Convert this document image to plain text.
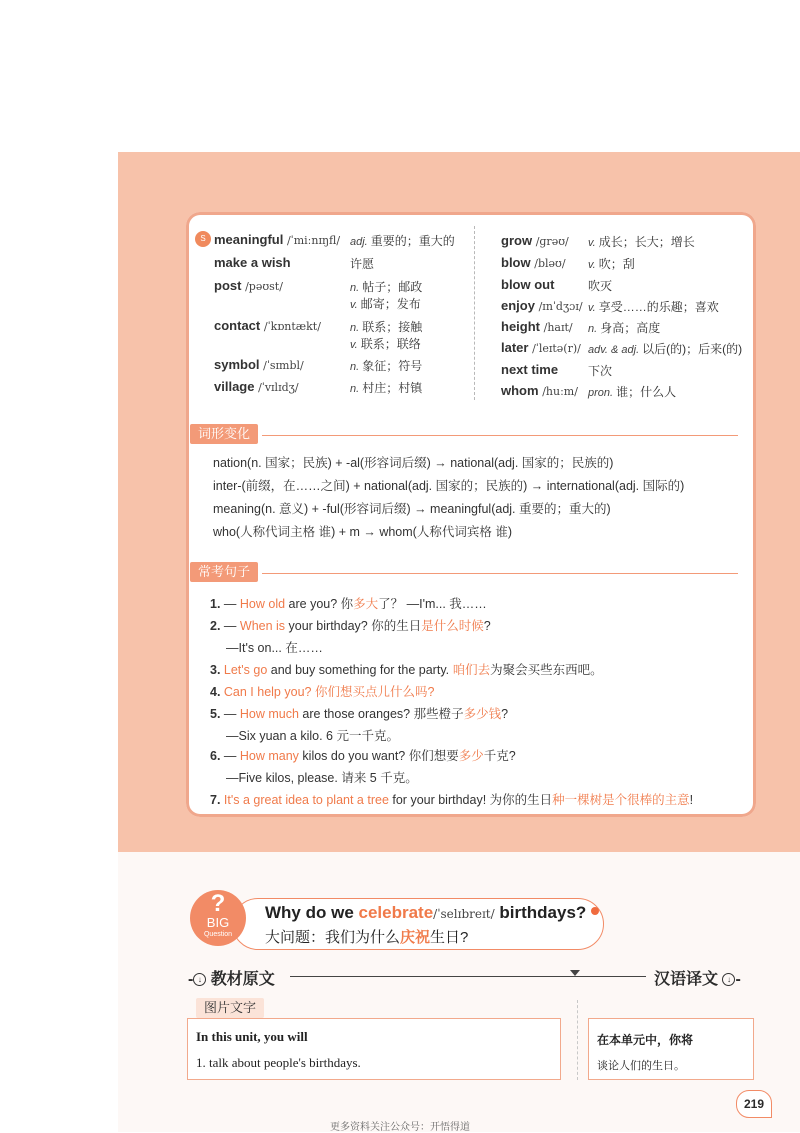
S meaningful /ˈmiːnɪŋfl/ adj. 重要的；重大的
make a wish	许愿
post /pəʊst/	n. 帖子；邮政
v. 邮寄；发布
contact /ˈkɒntækt/	n. 联系；接触
v. 联系；联络
symbol /ˈsɪmbl/	n. 象征；符号
village /ˈvɪlɪdʒ/	n. 村庄；村镇
grow /ɡrəʊ/ v. 成长；长大；增长
blow /bləʊ/ v. 吹；刮
blow out	吹灭
enjoy /ɪnˈdʒɔɪ/ v. 享受……的乐趣；喜欢
height /haɪt/ n. 身高；高度
later /ˈleɪtə(r)/ adv. & adj. 以后(的)；后来(的)
next time 下次
whom /huːm/ pron. 谁；什么人
词形变化
nation(n. 国家；民族) + -al(形容词后缀) → national(adj. 国家的；民族的)
inter-(前缀，在……之间) + national(adj. 国家的；民族的) → international(adj. 国际的)
meaning(n. 意义) + -ful(形容词后缀) → meaningful(adj. 重要的；重大的)
who(人称代词主格 谁) + m → whom(人称代词宾格 谁)
常考句子
1. — How old are you? 你多大了？ —I'm... 我……
2. — When is your birthday? 你的生日是什么时候?
—It's on... 在……
3. Let's go and buy something for the party. 咱们去为聚会买些东西吧。
4. Can I help you? 你们想买点儿什么吗?
5. — How much are those oranges? 那些橙子多少钱?
—Six yuan a kilo. 6 元一千克。
6. — How many kilos do you want? 你们想要多少千克?
—Five kilos, please. 请来 5 千克。
7. It's a great idea to plant a tree for your birthday! 为你的生日种一棵树是个很棒的主意!
Why do we celebrate/ˈselɪbreɪt/ birthdays?
大问题：我们为什么庆祝生日?
?
BIG
Question
- ↓ 教材原文	汉语译文 ↓ -
图片文字
In this unit, you will
1. talk about people's birthdays.
在本单元中，你将
谈论人们的生日。
219
更多资料关注公众号：开悟得道
